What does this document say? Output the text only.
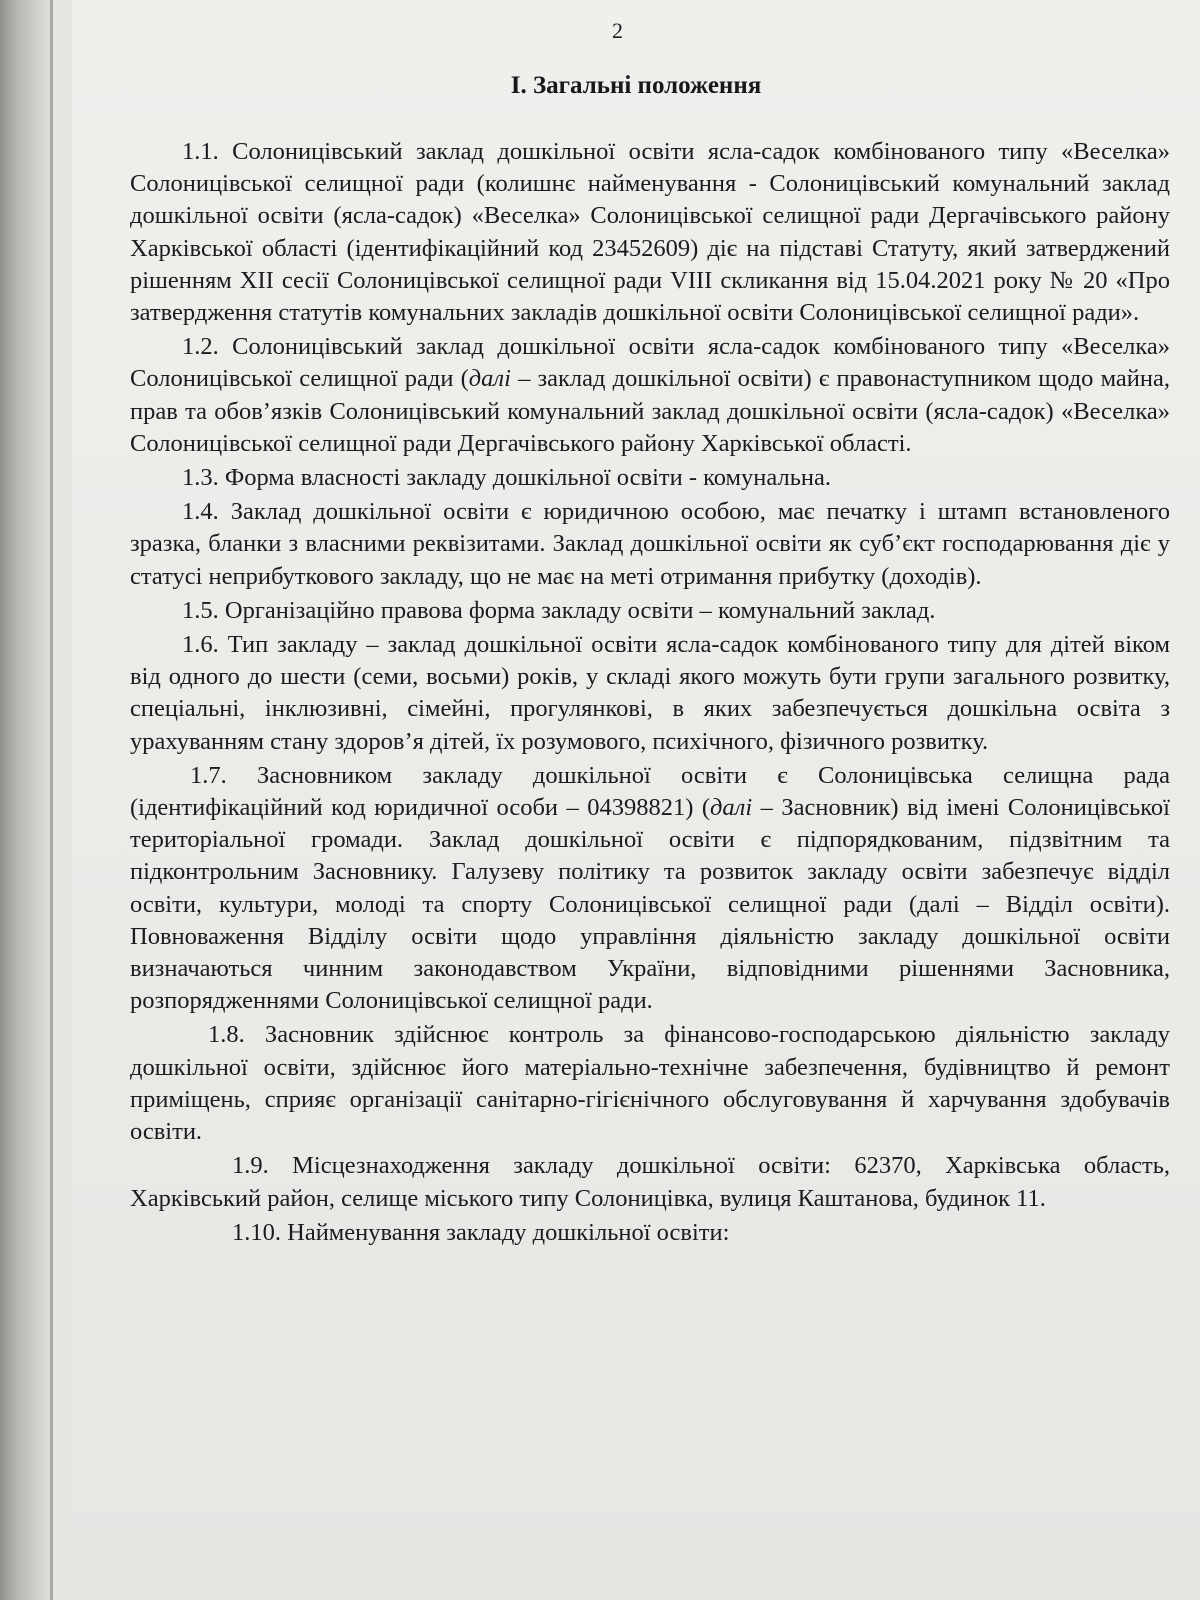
2
І. Загальні положення

1.1. Солоницівський заклад дошкільної освіти ясла-садок комбінованого типу «Веселка» Солоницівської селищної ради (колишнє найменування - Солоницівський комунальний заклад дошкільної освіти (ясла-садок) «Веселка» Солоницівської селищної ради Дергачівського району Харківської області (ідентифікаційний код 23452609) діє на підставі Статуту, який затверджений рішенням XII сесії Солоницівської селищної ради VIII скликання від 15.04.2021 року № 20 «Про затвердження статутів комунальних закладів дошкільної освіти Солоницівської селищної ради».

1.2. Солоницівський заклад дошкільної освіти ясла-садок комбінованого типу «Веселка» Солоницівської селищної ради (далі – заклад дошкільної освіти) є правонаступником щодо майна, прав та обов’язків Солоницівський комунальний заклад дошкільної освіти (ясла-садок) «Веселка» Солоницівської селищної ради Дергачівського району Харківської області.

1.3. Форма власності закладу дошкільної освіти - комунальна.

1.4. Заклад дошкільної освіти є юридичною особою, має печатку і штамп встановленого зразка, бланки з власними реквізитами. Заклад дошкільної освіти як суб’єкт господарювання діє у статусі неприбуткового закладу, що не має на меті отримання прибутку (доходів).

1.5. Організаційно правова форма закладу освіти – комунальний заклад.

1.6. Тип закладу – заклад дошкільної освіти ясла-садок комбінованого типу для дітей віком від одного до шести (семи, восьми) років, у складі якого можуть бути групи загального розвитку, спеціальні, інклюзивні, сімейні, прогулянкові, в яких забезпечується дошкільна освіта з урахуванням стану здоров’я дітей, їх розумового, психічного, фізичного розвитку.

1.7. Засновником закладу дошкільної освіти є Солоницівська селищна рада (ідентифікаційний код юридичної особи – 04398821) (далі – Засновник) від імені Солоницівської територіальної громади. Заклад дошкільної освіти є підпорядкованим, підзвітним та підконтрольним Засновнику. Галузеву політику та розвиток закладу освіти забезпечує відділ освіти, культури, молоді та спорту Солоницівської селищної ради (далі – Відділ освіти). Повноваження Відділу освіти щодо управління діяльністю закладу дошкільної освіти визначаються чинним законодавством України, відповідними рішеннями Засновника, розпорядженнями Солоницівської селищної ради.

1.8. Засновник здійснює контроль за фінансово-господарською діяльністю закладу дошкільної освіти, здійснює його матеріально-технічне забезпечення, будівництво й ремонт приміщень, сприяє організації санітарно-гігієнічного обслуговування й харчування здобувачів освіти.

1.9. Місцезнаходження закладу дошкільної освіти: 62370, Харківська область, Харківський район, селище міського типу Солоницівка, вулиця Каштанова, будинок 11.

1.10. Найменування закладу дошкільної освіти:
